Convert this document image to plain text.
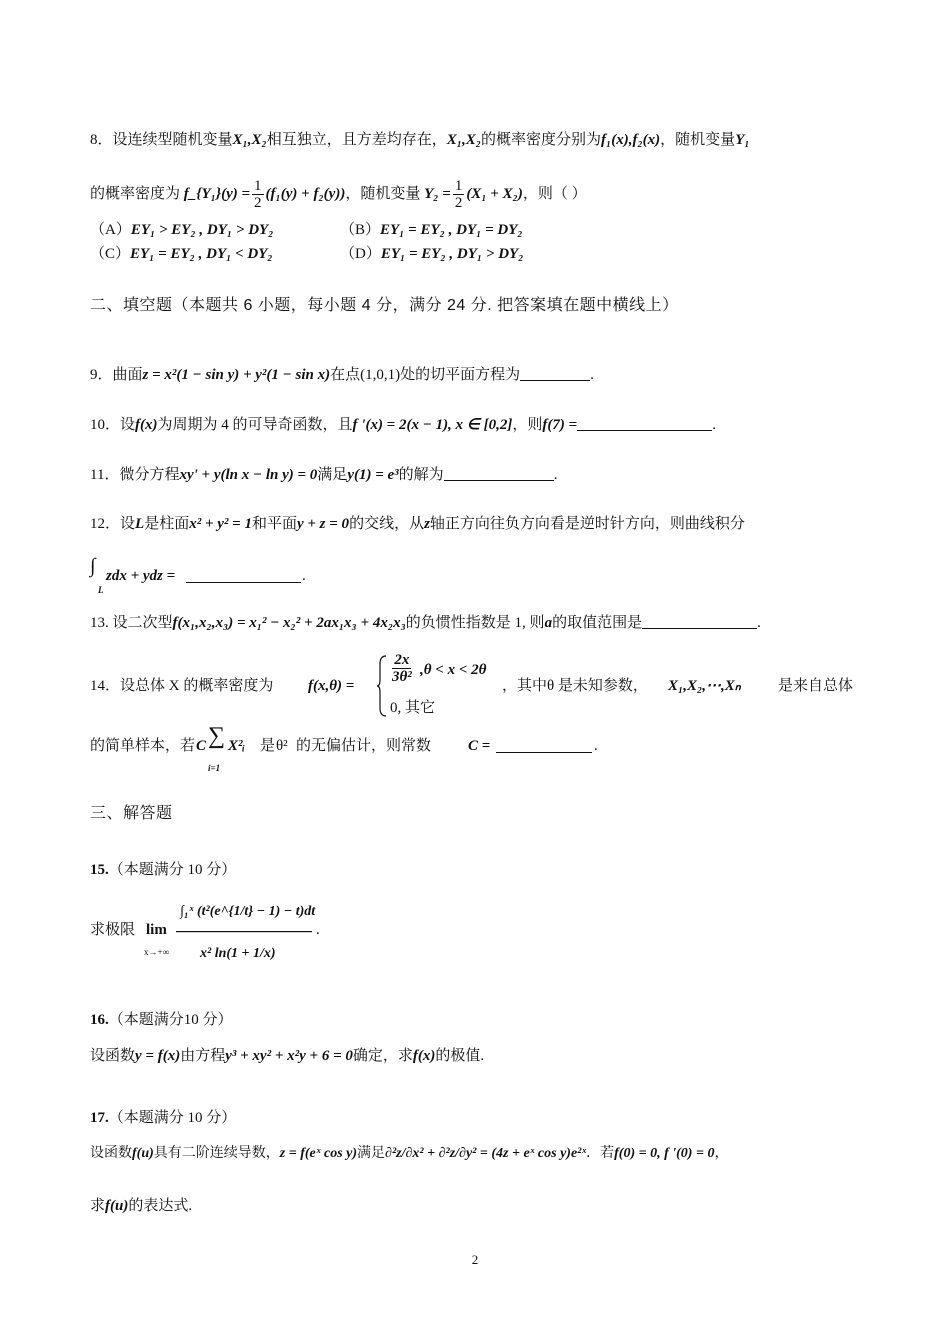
8．设连续型随机变量X₁,X₂相互独立，且方差均存在，X₁,X₂的概率密度分别为f₁(x),f₂(x)，随机变量Y₁
的概率密度为 f_{Y₁}(y) = $\frac{1}{2} (f_1(y) + f_2(y))$，随机变量 $Y_2 = \frac{1}{2} (X_1 + X_2)$，则（ ）
（A）EY₁ > EY₂ , DY₁ > DY₂	（B）EY₁ = EY₂ , DY₁ = DY₂
（C）EY₁ = EY₂ , DY₁ < DY₂	（D）EY₁ = EY₂ , DY₁ > DY₂
二、填空题（本题共 6 小题，每小题 4 分，满分 24 分. 把答案填在题中横线上）
9．曲面z = x²(1 − sin y) + y²(1 − sin x)在点(1,0,1)处的切平面方程为	.
10．设f(x)为周期为 4 的可导奇函数，且f '(x) = 2(x − 1), x ∈ [0,2]，则f(7) =	.
11．微分方程xy' + y(ln x − ln y) = 0满足y(1) = e³的解为	.
12．设L是柱面x² + y² = 1和平面y + z = 0的交线，从z轴正方向往负方向看是逆时针方向，则曲线积分
∫
L
zdx + ydz =	.
13. 设二次型f(x₁,x₂,x₃) = x₁² − x₂² + 2ax₁x₃ + 4x₂x₃的负惯性指数是 1, 则a的取值范围是	.
14．设总体 X 的概率密度为 f(x,θ) =
$\frac{2x}{\text{3θ²}} ,\theta < x < 2\theta$
0, 其它
，其中θ 是未知参数， X₁,X₂,⋯,Xₙ 是来自总体
的简单样本，若 C ∑
i=1
X²ᵢ 是 θ² 的无偏估计，则常数 C =	.
三、解答题
15.（本题满分 10 分）
求极限 lim
x→+∞
∫₁ˣ (t²(e^{1/t} − 1) − t)dt
x² ln(1 + 1/x)
.
16.（本题满分10 分）
设函数y = f(x)由方程y³ + xy² + x²y + 6 = 0确定，求f(x)的极值.
17.（本题满分 10 分）
设函数f(u)具有二阶连续导数，z = f(eˣ cos y)满足∂²z/∂x² + ∂²z/∂y² = (4z + eˣ cos y)e²ˣ．若f(0) = 0, f '(0) = 0，
求f(u)的表达式.
2
